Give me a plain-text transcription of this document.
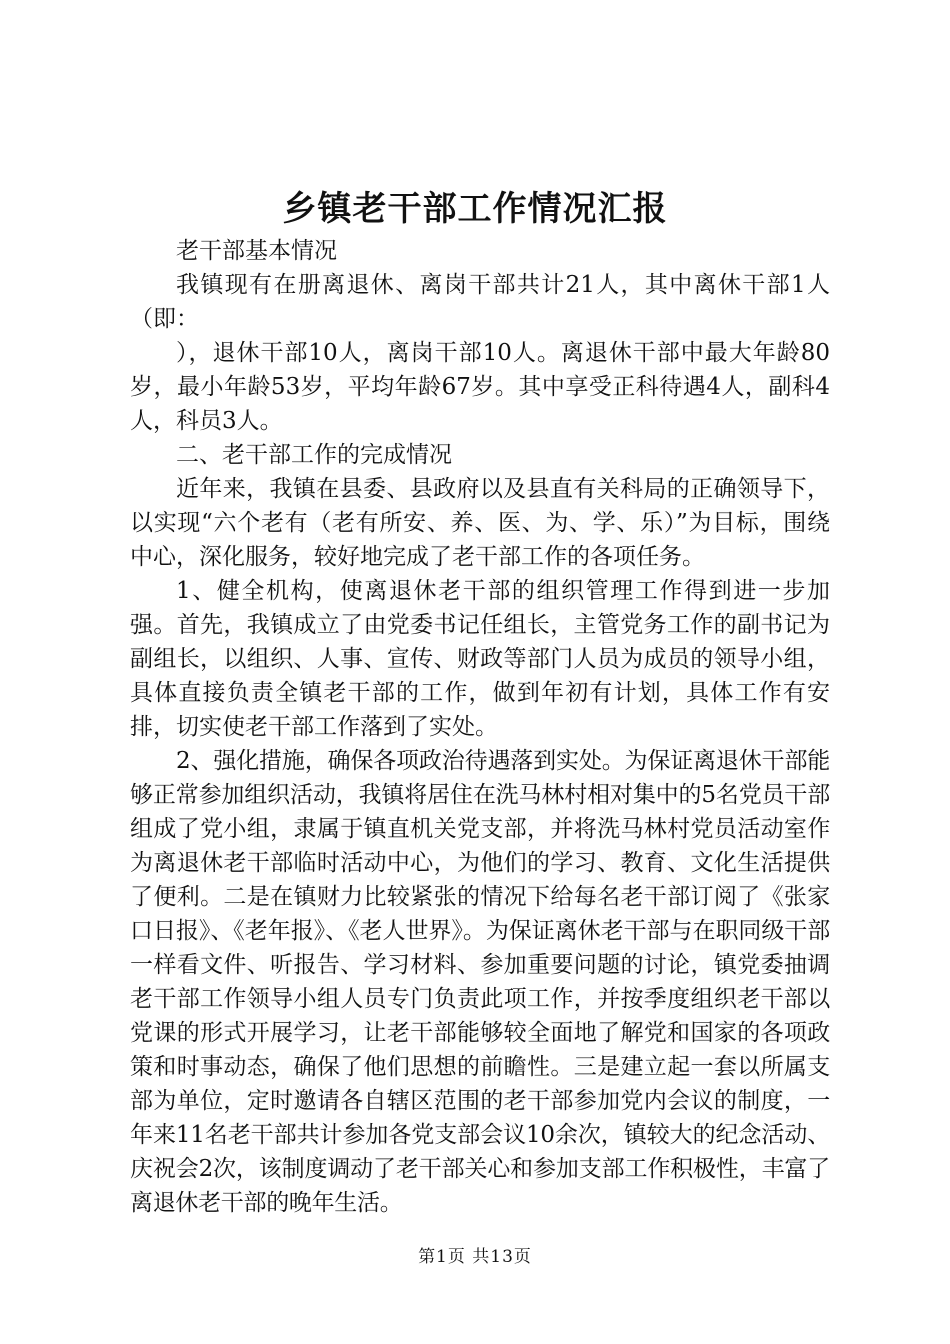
乡镇老干部工作情况汇报

老干部基本情况

我镇现有在册离退休、离岗干部共计21人，其中离休干部1人（即：

），退休干部10人，离岗干部10人。离退休干部中最大年龄80岁，最小年龄53岁，平均年龄67岁。其中享受正科待遇4人，副科4人，科员3人。

二、老干部工作的完成情况

近年来，我镇在县委、县政府以及县直有关科局的正确领导下，以实现“六个老有（老有所安、养、医、为、学、乐）”为目标，围绕中心，深化服务，较好地完成了老干部工作的各项任务。

1、健全机构，使离退休老干部的组织管理工作得到进一步加强。首先，我镇成立了由党委书记任组长，主管党务工作的副书记为副组长，以组织、人事、宣传、财政等部门人员为成员的领导小组，具体直接负责全镇老干部的工作，做到年初有计划，具体工作有安排，切实使老干部工作落到了实处。

2、强化措施，确保各项政治待遇落到实处。为保证离退休干部能够正常参加组织活动，我镇将居住在洗马林村相对集中的5名党员干部组成了党小组，隶属于镇直机关党支部，并将洗马林村党员活动室作为离退休老干部临时活动中心，为他们的学习、教育、文化生活提供了便利。二是在镇财力比较紧张的情况下给每名老干部订阅了《张家口日报》、《老年报》、《老人世界》。为保证离休老干部与在职同级干部一样看文件、听报告、学习材料、参加重要问题的讨论，镇党委抽调老干部工作领导小组人员专门负责此项工作，并按季度组织老干部以党课的形式开展学习，让老干部能够较全面地了解党和国家的各项政策和时事动态，确保了他们思想的前瞻性。三是建立起一套以所属支部为单位，定时邀请各自辖区范围的老干部参加党内会议的制度，一年来11名老干部共计参加各党支部会议10余次，镇较大的纪念活动、庆祝会2次，该制度调动了老干部关心和参加支部工作积极性，丰富了离退休老干部的晚年生活。

第1页 共13页
